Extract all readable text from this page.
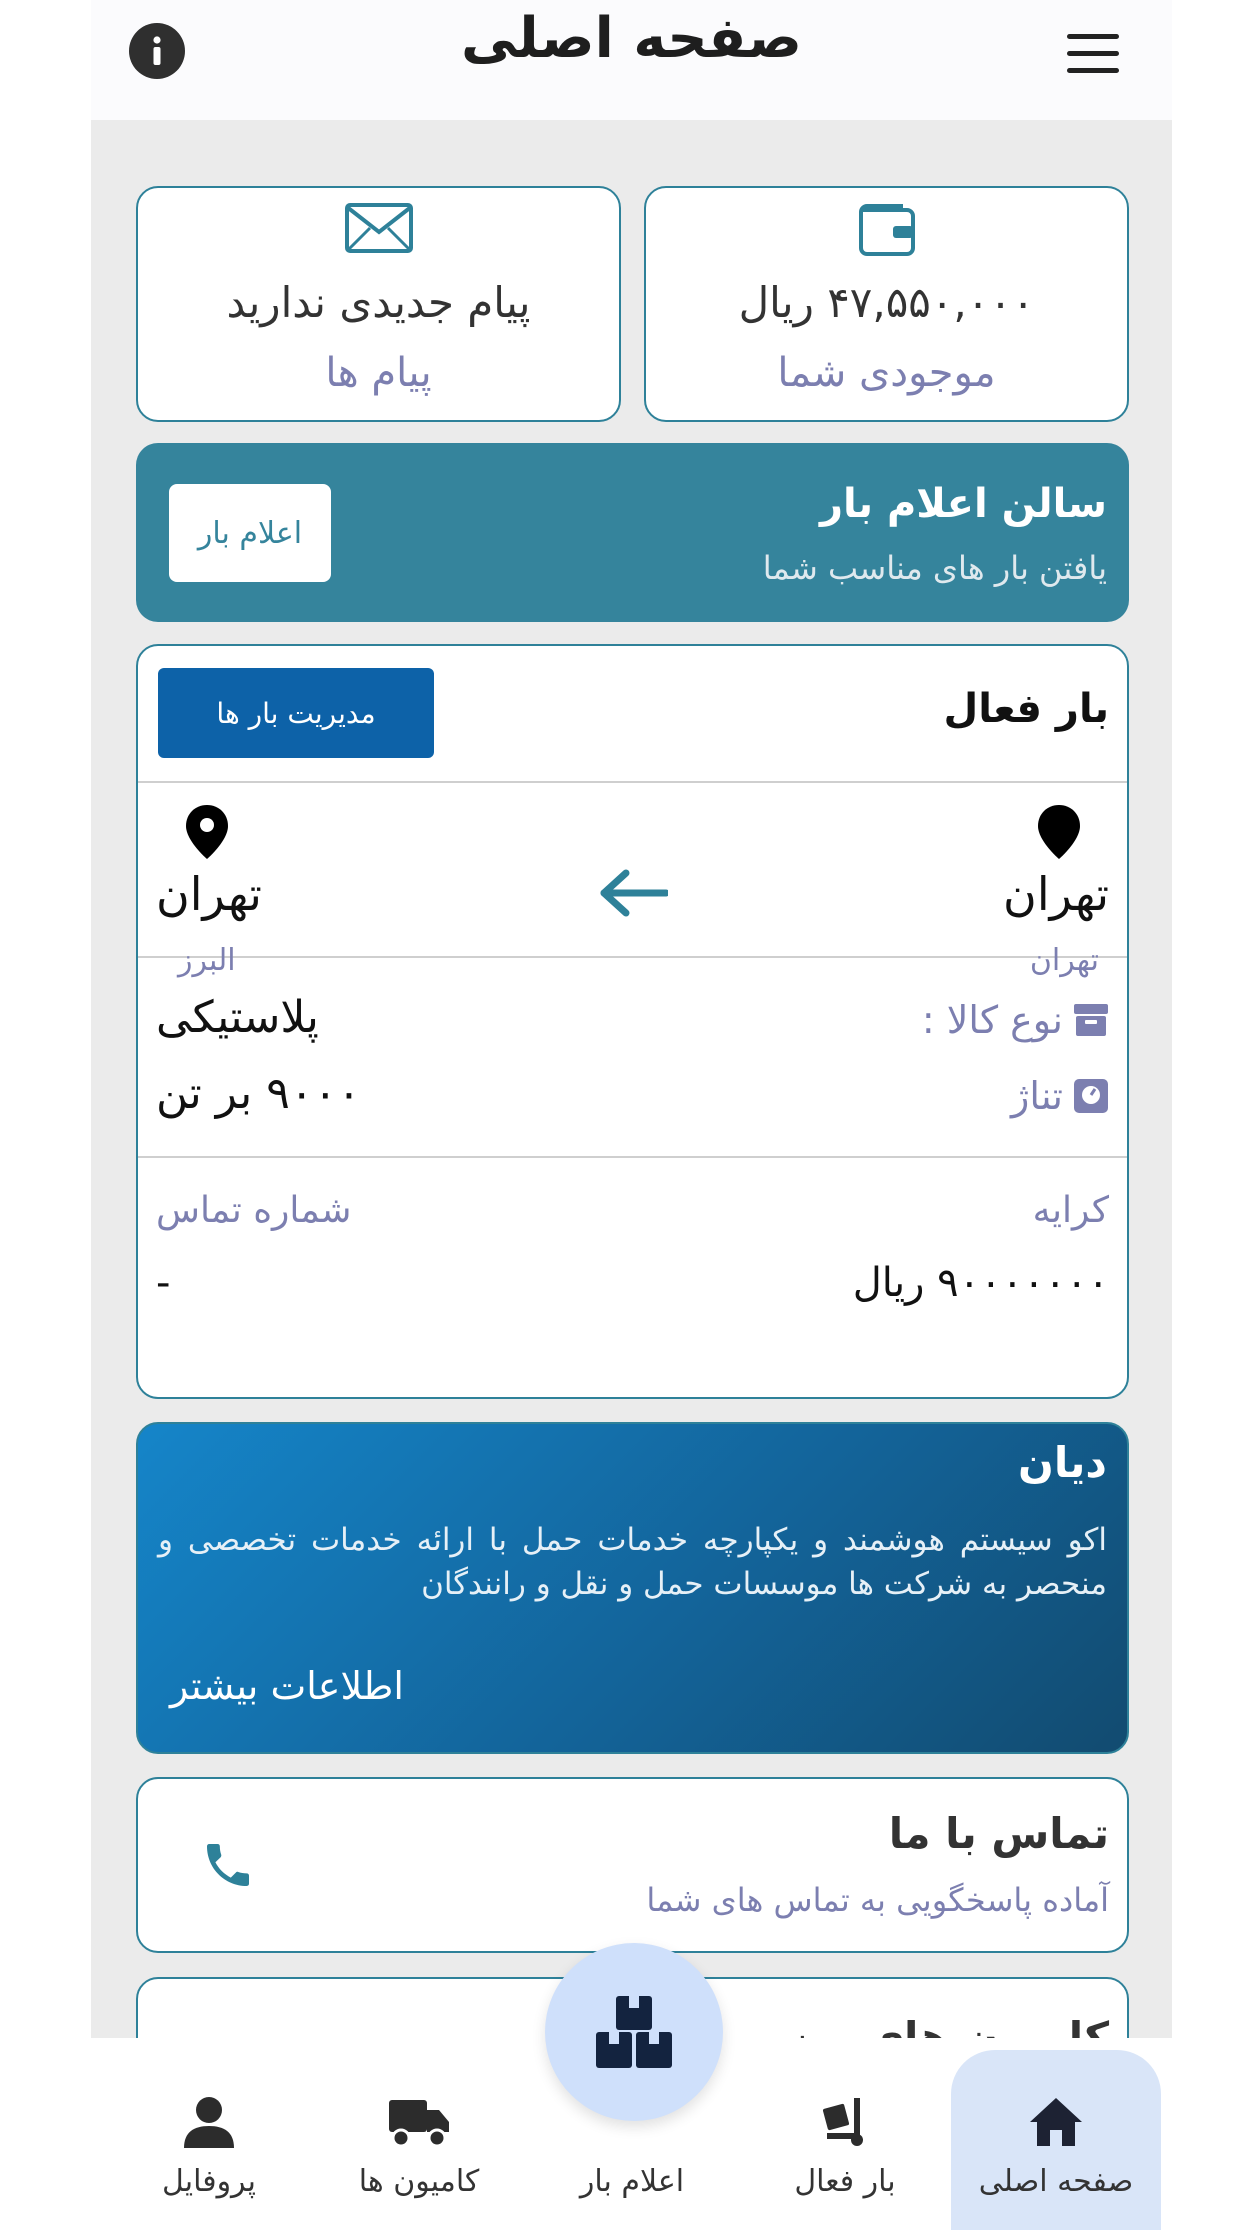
صفحه اصلی
پیام جدیدی ندارید
پیام ها
۴۷,۵۵۰,۰۰۰ ریال
موجودی شما
سالن اعلام بار
یافتن بار های مناسب شما
اعلام بار
بار فعال
مدیریت بار ها
تهران
تهران
تهران
البرز
نوع کالا :
پلاستیکی
تناژ
۹۰۰۰ بر تن
کرایه
۹۰۰۰۰۰۰۰ ریال
شماره تماس
-
دیان
اکو سیستم هوشمند و یکپارچه خدمات حمل با ارائه خدمات تخصصی و منحصر به شرکت ها موسسات حمل و نقل و رانندگان
اطلاعات بیشتر
تماس با ما
آماده پاسخگویی به تماس های شما
صفحه اصلی
بار فعال
اعلام بار
کامیون ها
پروفایل
